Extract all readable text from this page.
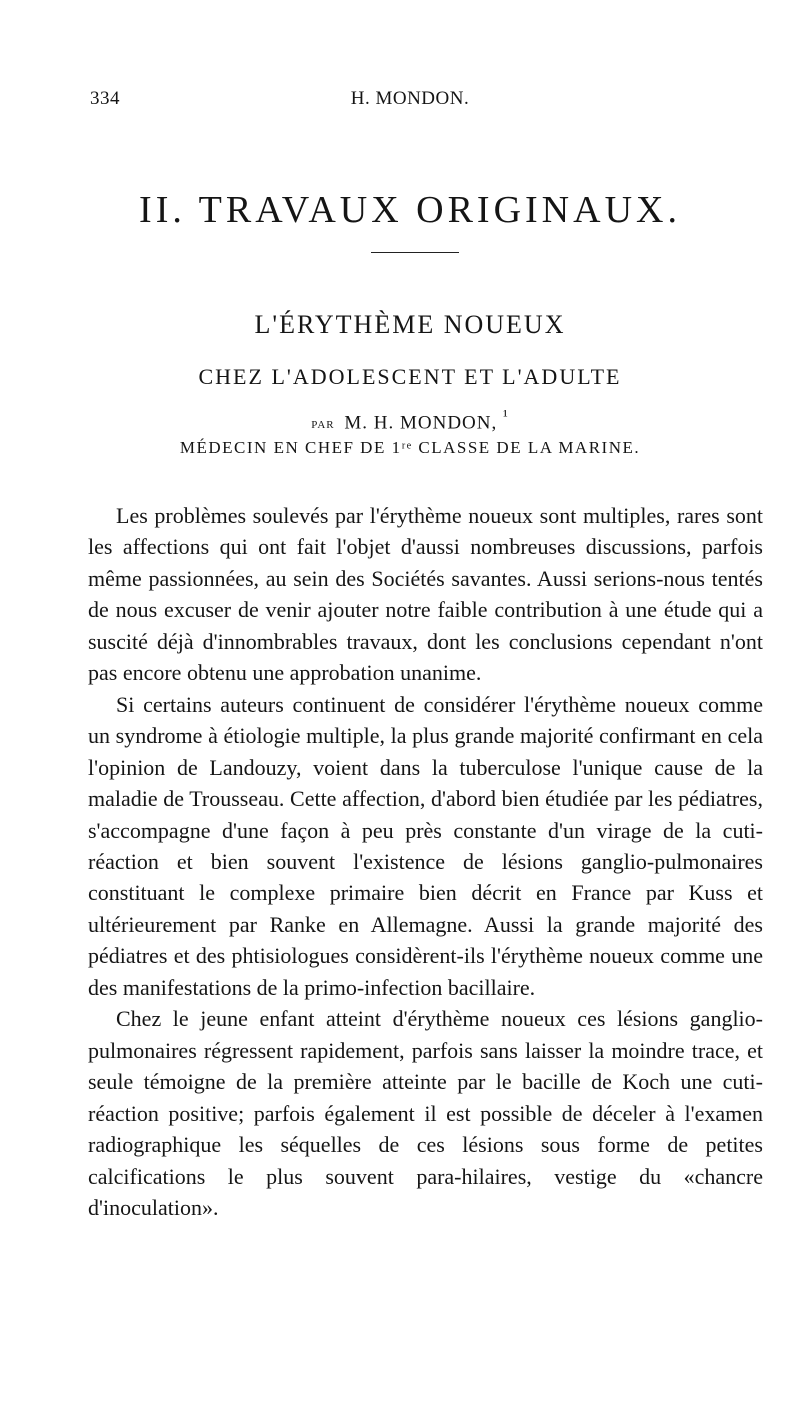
334	H. MONDON.
II. TRAVAUX ORIGINAUX.
L'ÉRYTHÈME NOUEUX
CHEZ L'ADOLESCENT ET L'ADULTE
PAR M. H. MONDON, $^{^1}$
MÉDECIN EN CHEF DE 1ʳᵉ CLASSE DE LA MARINE.

Les problèmes soulevés par l'érythème noueux sont multiples, rares sont les affections qui ont fait l'objet d'aussi nombreuses discussions, parfois même passionnées, au sein des Sociétés savantes. Aussi serions-nous tentés de nous excuser de venir ajouter notre faible contribution à une étude qui a suscité déjà d'innombrables travaux, dont les conclusions cependant n'ont pas encore obtenu une approbation unanime.

Si certains auteurs continuent de considérer l'érythème noueux comme un syndrome à étiologie multiple, la plus grande majorité confirmant en cela l'opinion de Landouzy, voient dans la tuberculose l'unique cause de la maladie de Trousseau. Cette affection, d'abord bien étudiée par les pédiatres, s'accompagne d'une façon à peu près constante d'un virage de la cuti-réaction et bien souvent l'existence de lésions ganglio-pulmonaires constituant le complexe primaire bien décrit en France par Kuss et ultérieurement par Ranke en Allemagne. Aussi la grande majorité des pédiatres et des phtisiologues considèrent-ils l'érythème noueux comme une des manifestations de la primo-infection bacillaire.

Chez le jeune enfant atteint d'érythème noueux ces lésions ganglio-pulmonaires régressent rapidement, parfois sans laisser la moindre trace, et seule témoigne de la première atteinte par le bacille de Koch une cuti-réaction positive; parfois également il est possible de déceler à l'examen radiographique les séquelles de ces lésions sous forme de petites calcifications le plus souvent para-hilaires, vestige du «chancre d'inoculation».
